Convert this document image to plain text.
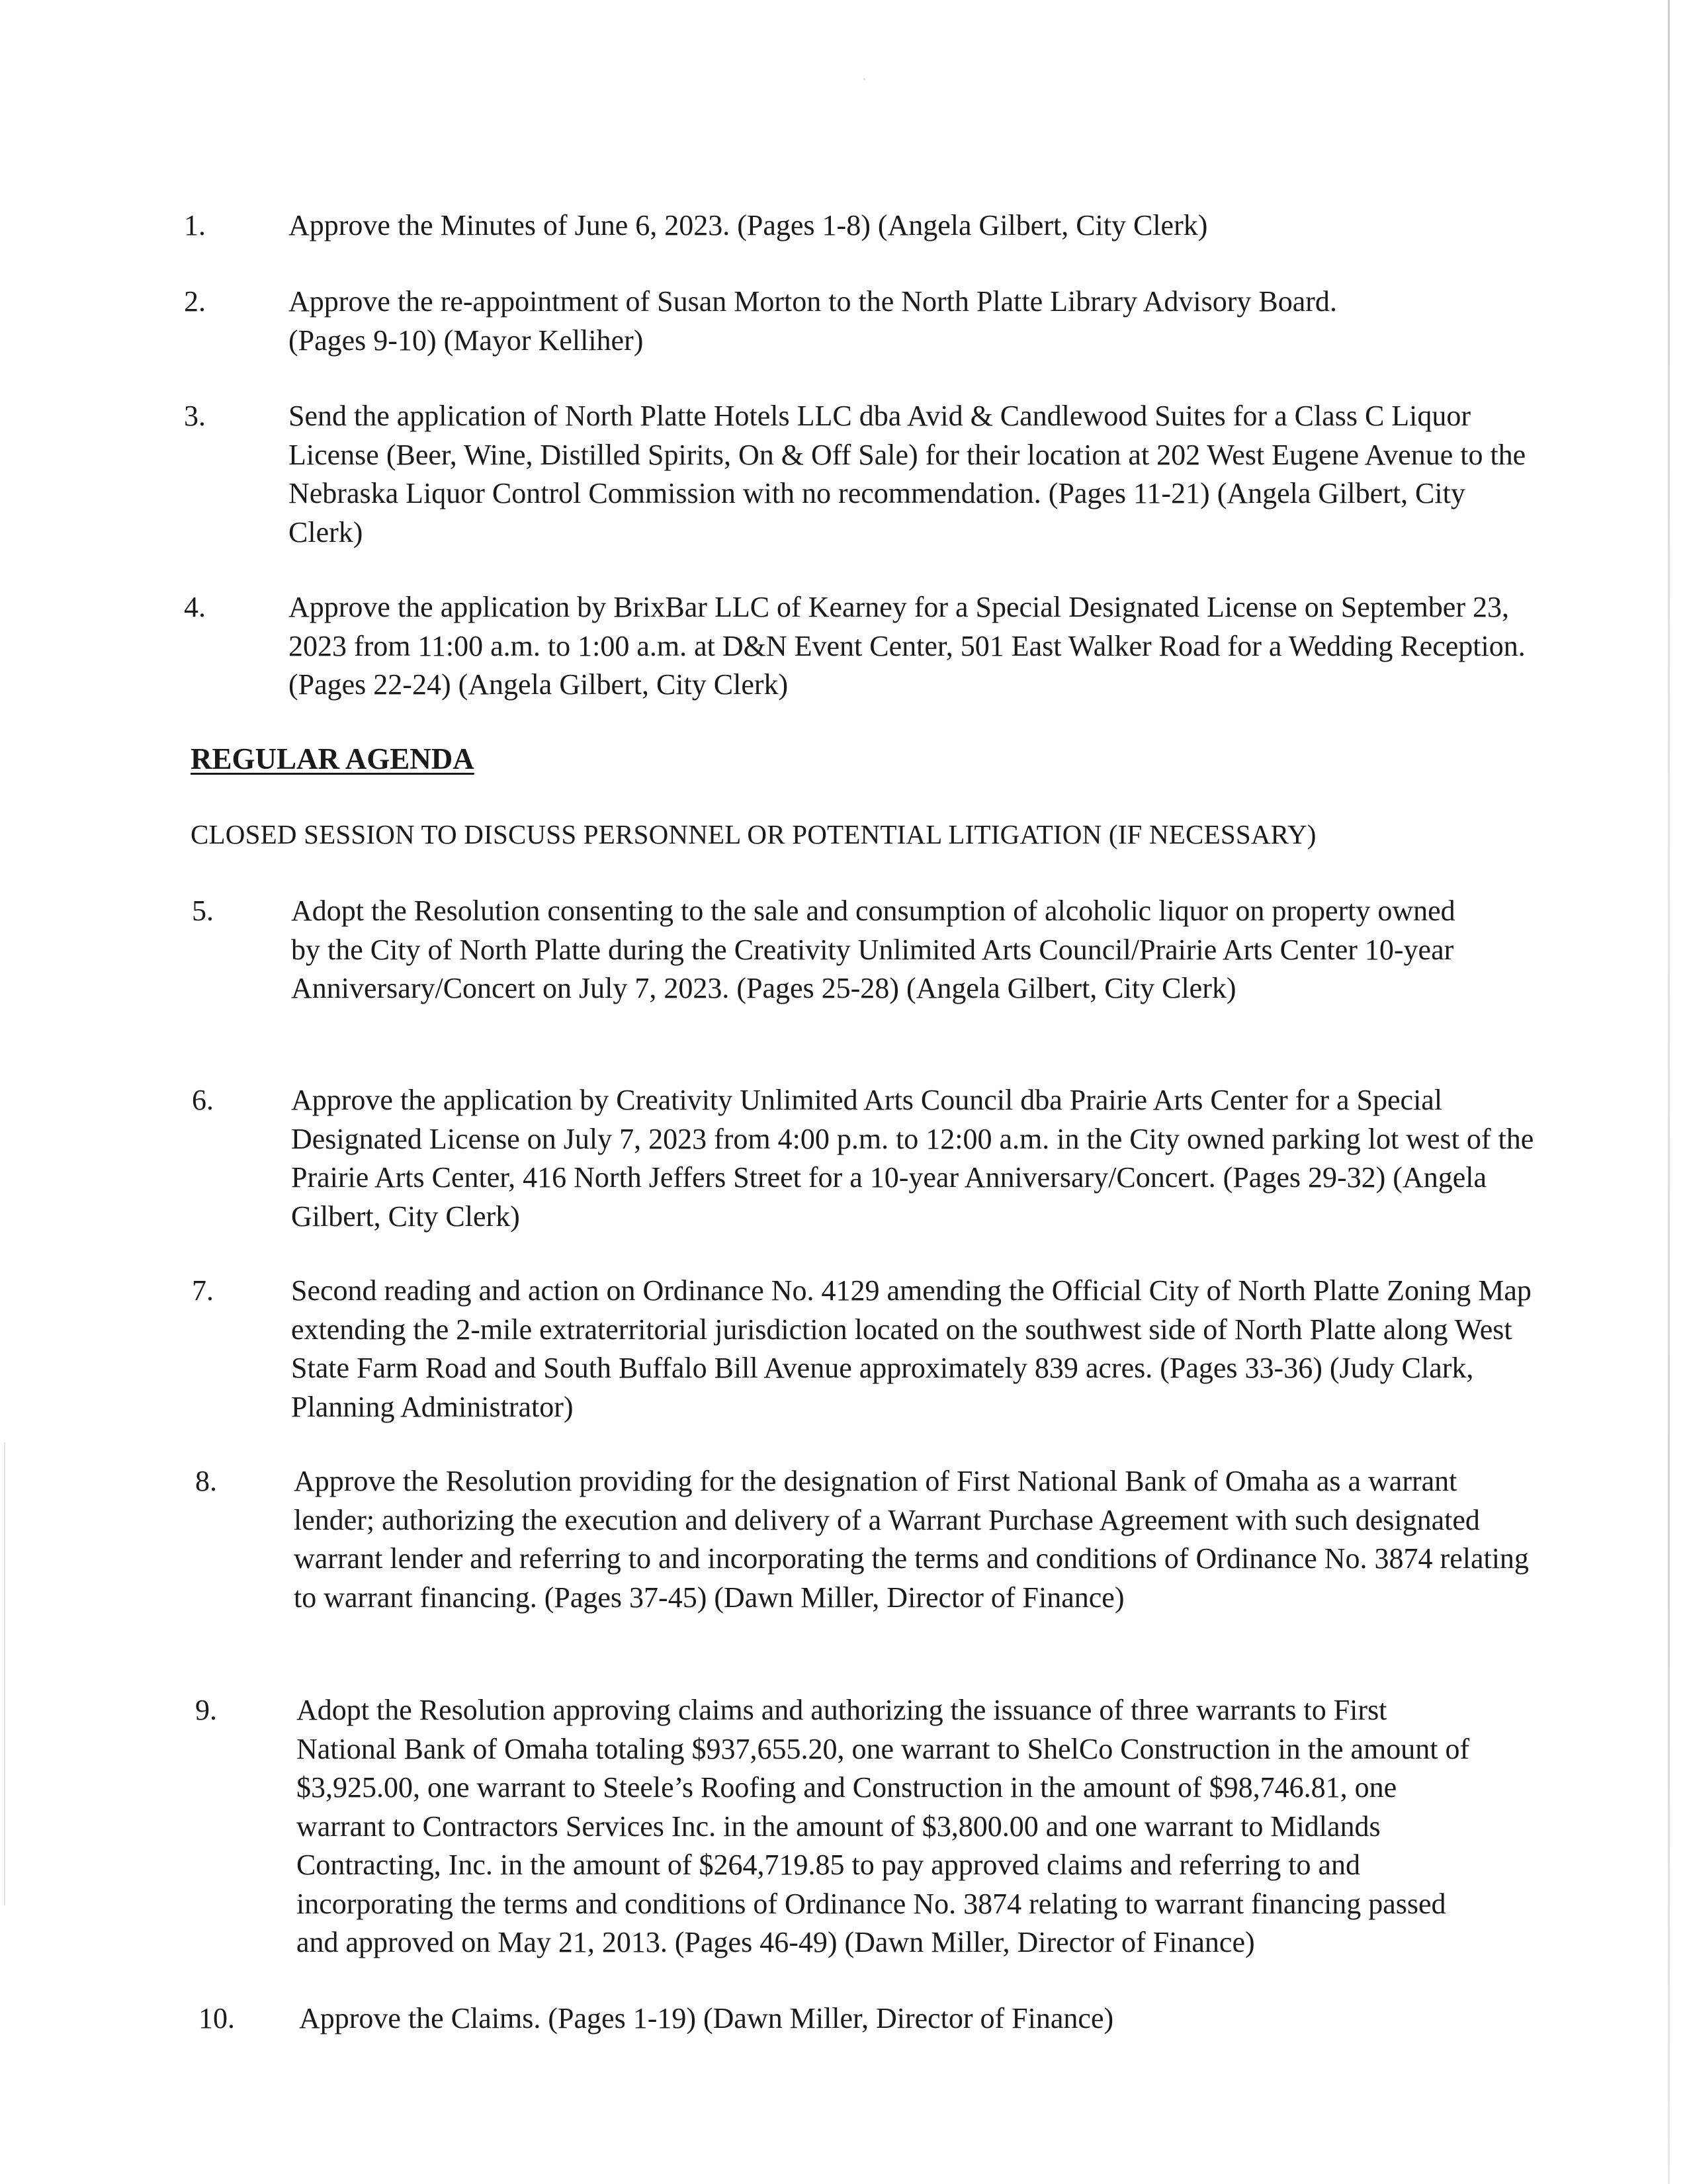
1.	Approve the Minutes of June 6, 2023. (Pages 1-8) (Angela Gilbert, City Clerk)
2.	Approve the re-appointment of Susan Morton to the North Platte Library Advisory Board. (Pages 9-10) (Mayor Kelliher)
3.	Send the application of North Platte Hotels LLC dba Avid & Candlewood Suites for a Class C Liquor License (Beer, Wine, Distilled Spirits, On & Off Sale) for their location at 202 West Eugene Avenue to the Nebraska Liquor Control Commission with no recommendation. (Pages 11-21) (Angela Gilbert, City Clerk)
4.	Approve the application by BrixBar LLC of Kearney for a Special Designated License on September 23, 2023 from 11:00 a.m. to 1:00 a.m. at D&N Event Center, 501 East Walker Road for a Wedding Reception. (Pages 22-24) (Angela Gilbert, City Clerk)
REGULAR AGENDA
CLOSED SESSION TO DISCUSS PERSONNEL OR POTENTIAL LITIGATION (IF NECESSARY)
5.	Adopt the Resolution consenting to the sale and consumption of alcoholic liquor on property owned by the City of North Platte during the Creativity Unlimited Arts Council/Prairie Arts Center 10-year Anniversary/Concert on July 7, 2023. (Pages 25-28) (Angela Gilbert, City Clerk)
6.	Approve the application by Creativity Unlimited Arts Council dba Prairie Arts Center for a Special Designated License on July 7, 2023 from 4:00 p.m. to 12:00 a.m. in the City owned parking lot west of the Prairie Arts Center, 416 North Jeffers Street for a 10-year Anniversary/Concert. (Pages 29-32) (Angela Gilbert, City Clerk)
7.	Second reading and action on Ordinance No. 4129 amending the Official City of North Platte Zoning Map extending the 2-mile extraterritorial jurisdiction located on the southwest side of North Platte along West State Farm Road and South Buffalo Bill Avenue approximately 839 acres. (Pages 33-36) (Judy Clark, Planning Administrator)
8.	Approve the Resolution providing for the designation of First National Bank of Omaha as a warrant lender; authorizing the execution and delivery of a Warrant Purchase Agreement with such designated warrant lender and referring to and incorporating the terms and conditions of Ordinance No. 3874 relating to warrant financing. (Pages 37-45) (Dawn Miller, Director of Finance)
9.	Adopt the Resolution approving claims and authorizing the issuance of three warrants to First National Bank of Omaha totaling $937,655.20, one warrant to ShelCo Construction in the amount of $3,925.00, one warrant to Steele’s Roofing and Construction in the amount of $98,746.81, one warrant to Contractors Services Inc. in the amount of $3,800.00 and one warrant to Midlands Contracting, Inc. in the amount of $264,719.85 to pay approved claims and referring to and incorporating the terms and conditions of Ordinance No. 3874 relating to warrant financing passed and approved on May 21, 2013. (Pages 46-49) (Dawn Miller, Director of Finance)
10. Approve the Claims. (Pages 1-19) (Dawn Miller, Director of Finance)
